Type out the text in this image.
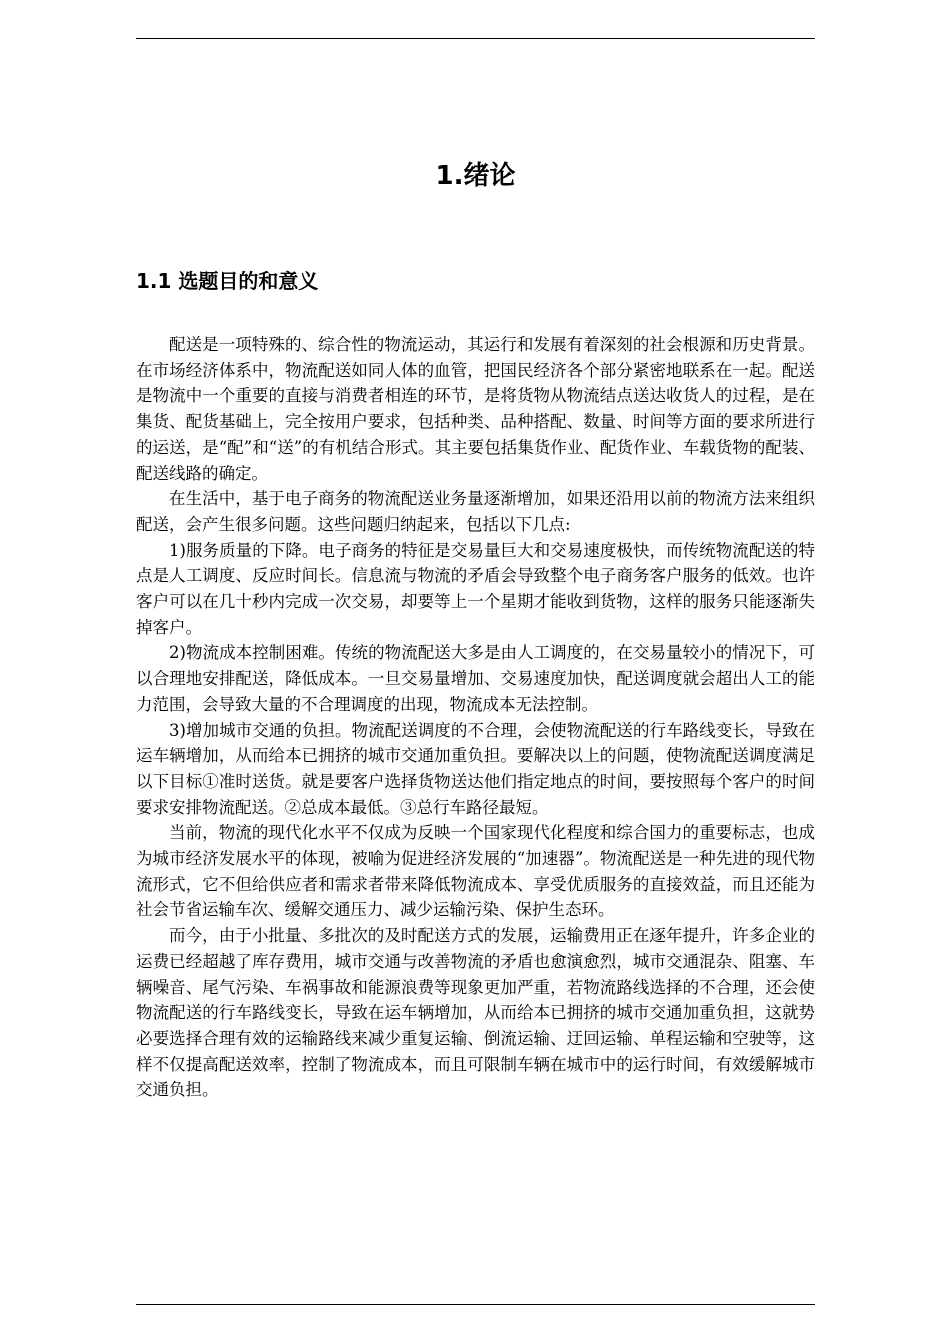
1.绪论
1.1 选题目的和意义

配送是一项特殊的、综合性的物流运动，其运行和发展有着深刻的社会根源和历史背景。在市场经济体系中，物流配送如同人体的血管，把国民经济各个部分紧密地联系在一起。配送是物流中一个重要的直接与消费者相连的环节，是将货物从物流结点送达收货人的过程，是在集货、配货基础上，完全按用户要求，包括种类、品种搭配、数量、时间等方面的要求所进行的运送，是“配”和“送”的有机结合形式。其主要包括集货作业、配货作业、车载货物的配装、配送线路的确定。

在生活中，基于电子商务的物流配送业务量逐渐增加，如果还沿用以前的物流方法来组织配送，会产生很多问题。这些问题归纳起来，包括以下几点:

1)服务质量的下降。电子商务的特征是交易量巨大和交易速度极快，而传统物流配送的特点是人工调度、反应时间长。信息流与物流的矛盾会导致整个电子商务客户服务的低效。也许客户可以在几十秒内完成一次交易，却要等上一个星期才能收到货物，这样的服务只能逐渐失掉客户。

2)物流成本控制困难。传统的物流配送大多是由人工调度的，在交易量较小的情况下，可以合理地安排配送，降低成本。一旦交易量增加、交易速度加快，配送调度就会超出人工的能力范围，会导致大量的不合理调度的出现，物流成本无法控制。

3)增加城市交通的负担。物流配送调度的不合理，会使物流配送的行车路线变长，导致在运车辆增加，从而给本已拥挤的城市交通加重负担。要解决以上的问题，使物流配送调度满足以下目标①准时送货。就是要客户选择货物送达他们指定地点的时间，要按照每个客户的时间要求安排物流配送。②总成本最低。③总行车路径最短。

当前，物流的现代化水平不仅成为反映一个国家现代化程度和综合国力的重要标志，也成为城市经济发展水平的体现，被喻为促进经济发展的“加速器”。物流配送是一种先进的现代物流形式，它不但给供应者和需求者带来降低物流成本、享受优质服务的直接效益，而且还能为社会节省运输车次、缓解交通压力、减少运输污染、保护生态环。

而今，由于小批量、多批次的及时配送方式的发展，运输费用正在逐年提升，许多企业的运费已经超越了库存费用，城市交通与改善物流的矛盾也愈演愈烈，城市交通混杂、阻塞、车辆噪音、尾气污染、车祸事故和能源浪费等现象更加严重，若物流路线选择的不合理，还会使物流配送的行车路线变长，导致在运车辆增加，从而给本已拥挤的城市交通加重负担，这就势必要选择合理有效的运输路线来减少重复运输、倒流运输、迂回运输、单程运输和空驶等，这样不仅提高配送效率，控制了物流成本，而且可限制车辆在城市中的运行时间，有效缓解城市交通负担。
